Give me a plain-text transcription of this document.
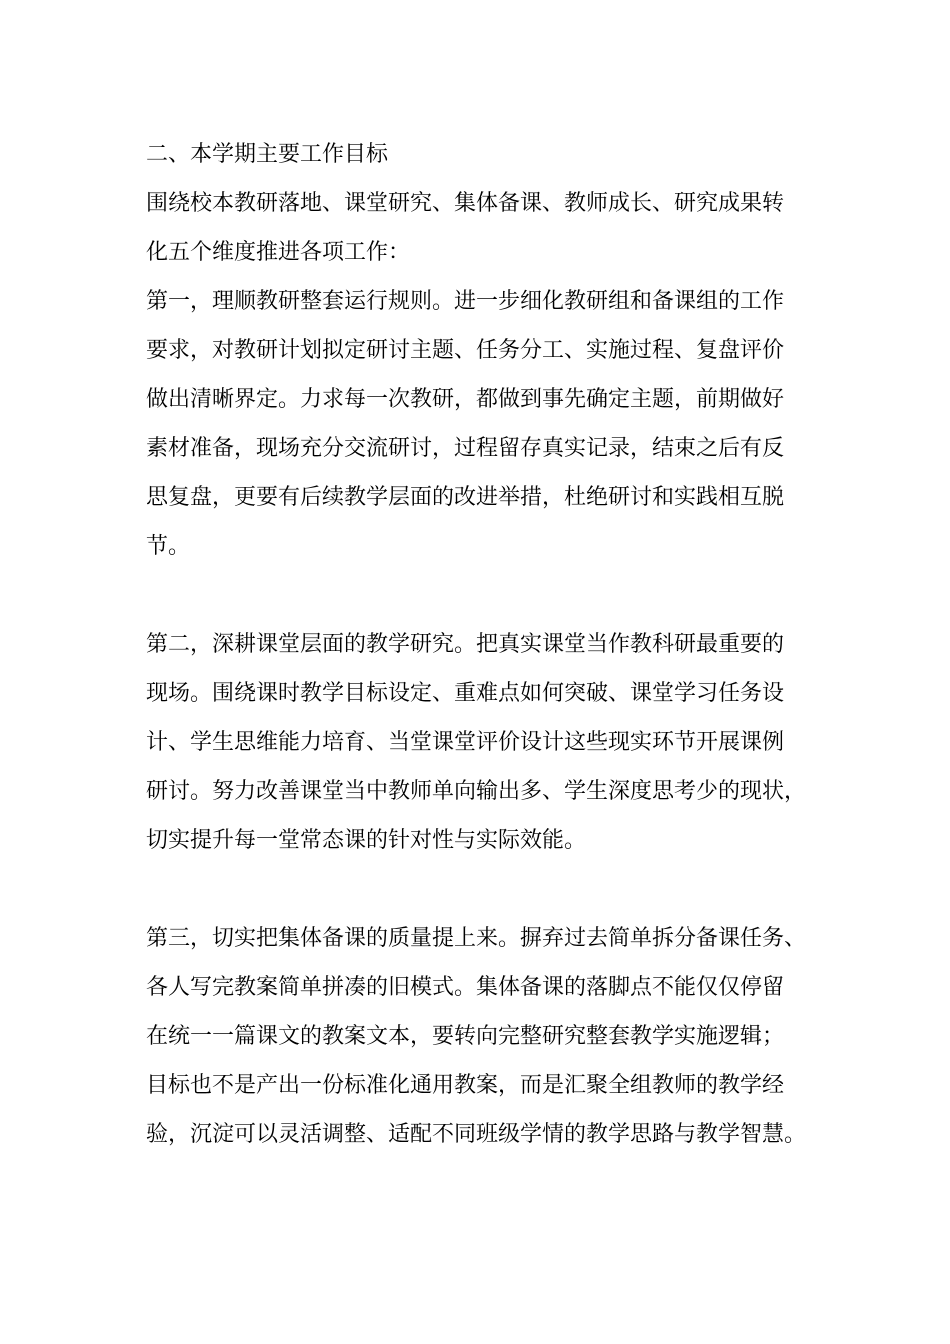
二、本学期主要工作目标
围绕校本教研落地、课堂研究、集体备课、教师成长、研究成果转
化五个维度推进各项工作：
第一，理顺教研整套运行规则。进一步细化教研组和备课组的工作
要求，对教研计划拟定研讨主题、任务分工、实施过程、复盘评价
做出清晰界定。力求每一次教研，都做到事先确定主题，前期做好
素材准备，现场充分交流研讨，过程留存真实记录，结束之后有反
思复盘，更要有后续教学层面的改进举措，杜绝研讨和实践相互脱
节。
第二，深耕课堂层面的教学研究。把真实课堂当作教科研最重要的
现场。围绕课时教学目标设定、重难点如何突破、课堂学习任务设
计、学生思维能力培育、当堂课堂评价设计这些现实环节开展课例
研讨。努力改善课堂当中教师单向输出多、学生深度思考少的现状，
切实提升每一堂常态课的针对性与实际效能。
第三，切实把集体备课的质量提上来。摒弃过去简单拆分备课任务、
各人写完教案简单拼凑的旧模式。集体备课的落脚点不能仅仅停留
在统一一篇课文的教案文本，要转向完整研究整套教学实施逻辑；
目标也不是产出一份标准化通用教案，而是汇聚全组教师的教学经
验，沉淀可以灵活调整、适配不同班级学情的教学思路与教学智慧。
